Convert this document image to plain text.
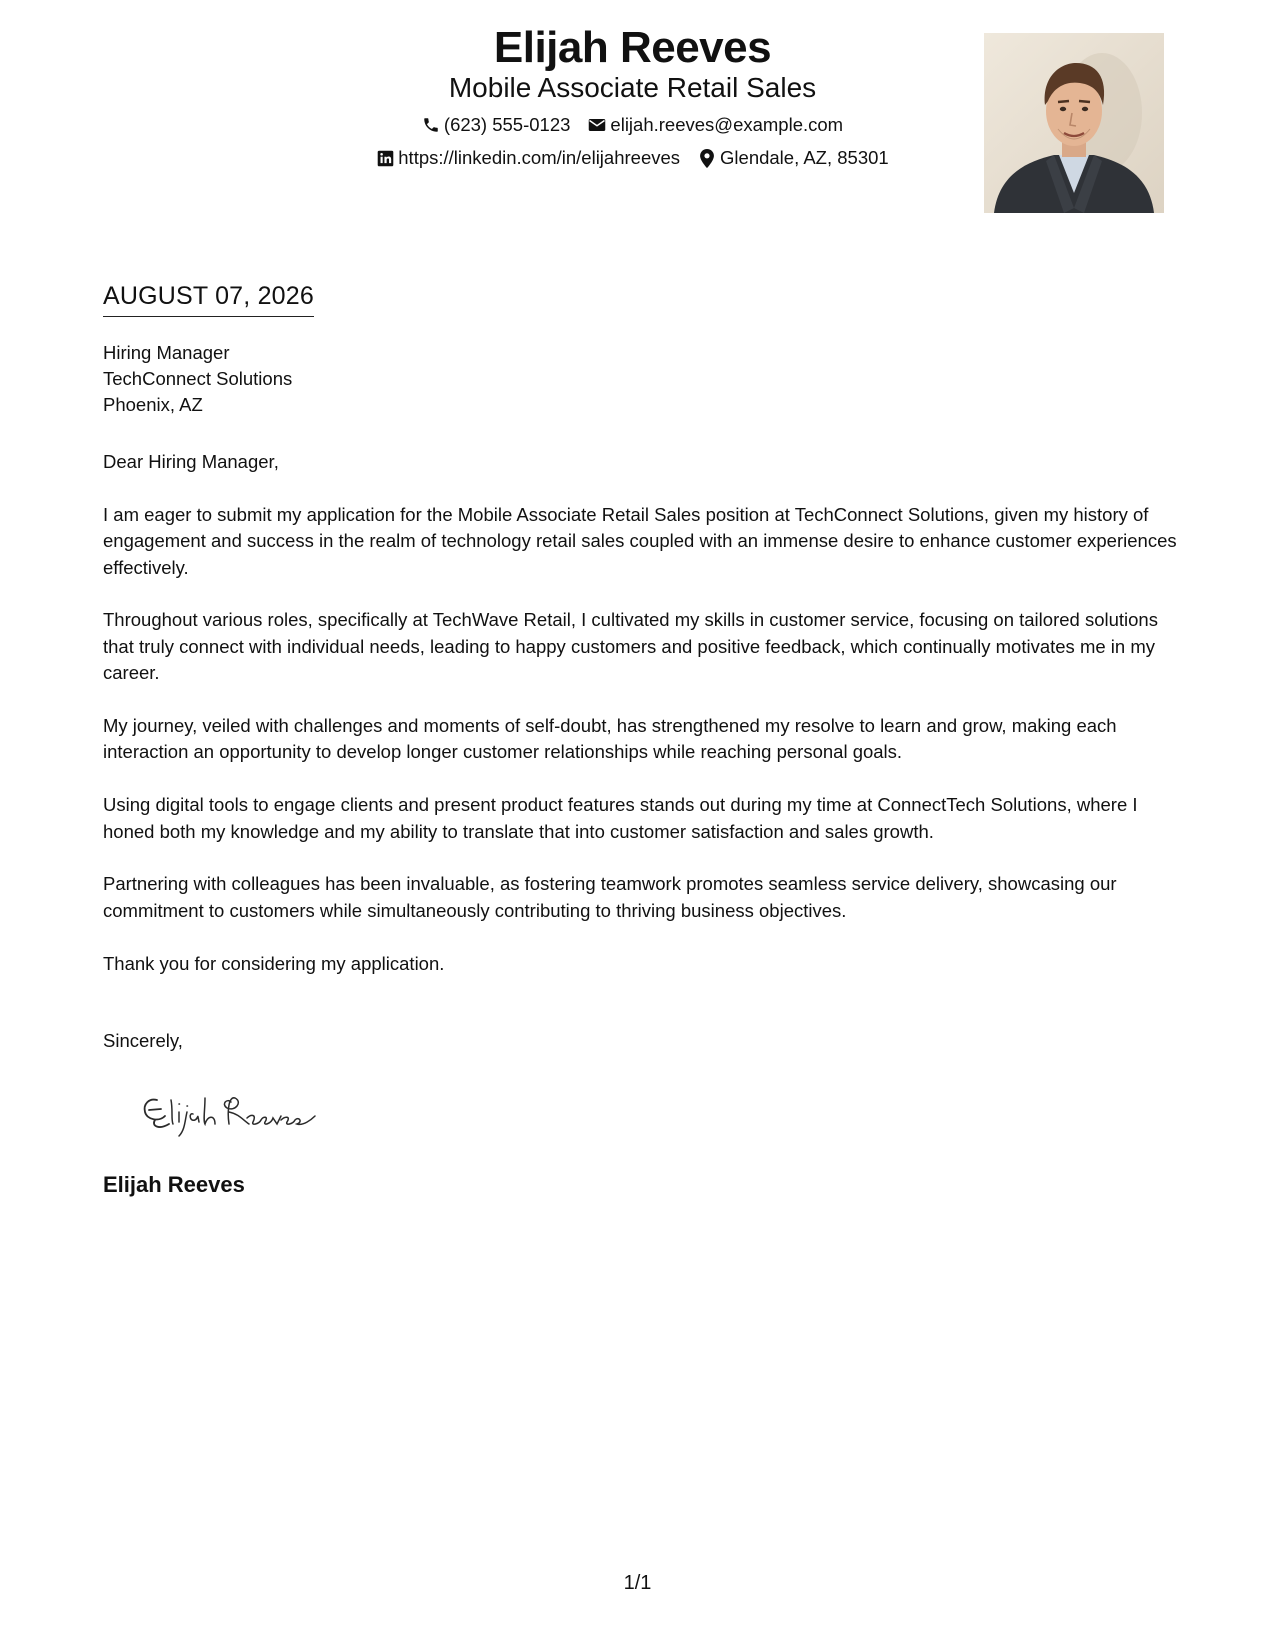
Elijah Reeves
Mobile Associate Retail Sales
(623) 555-0123 elijah.reeves@example.com
https://linkedin.com/in/elijahreeves Glendale, AZ, 85301
AUGUST 07, 2026
Hiring Manager
TechConnect Solutions
Phoenix, AZ

Dear Hiring Manager,

I am eager to submit my application for the Mobile Associate Retail Sales position at TechConnect Solutions, given my history of engagement and success in the realm of technology retail sales coupled with an immense desire to enhance customer experiences effectively.

Throughout various roles, specifically at TechWave Retail, I cultivated my skills in customer service, focusing on tailored solutions that truly connect with individual needs, leading to happy customers and positive feedback, which continually motivates me in my career.

My journey, veiled with challenges and moments of self-doubt, has strengthened my resolve to learn and grow, making each interaction an opportunity to develop longer customer relationships while reaching personal goals.

Using digital tools to engage clients and present product features stands out during my time at ConnectTech Solutions, where I honed both my knowledge and my ability to translate that into customer satisfaction and sales growth.

Partnering with colleagues has been invaluable, as fostering teamwork promotes seamless service delivery, showcasing our commitment to customers while simultaneously contributing to thriving business objectives.

Thank you for considering my application.

Sincerely,
Elijah Reeves
1/1
